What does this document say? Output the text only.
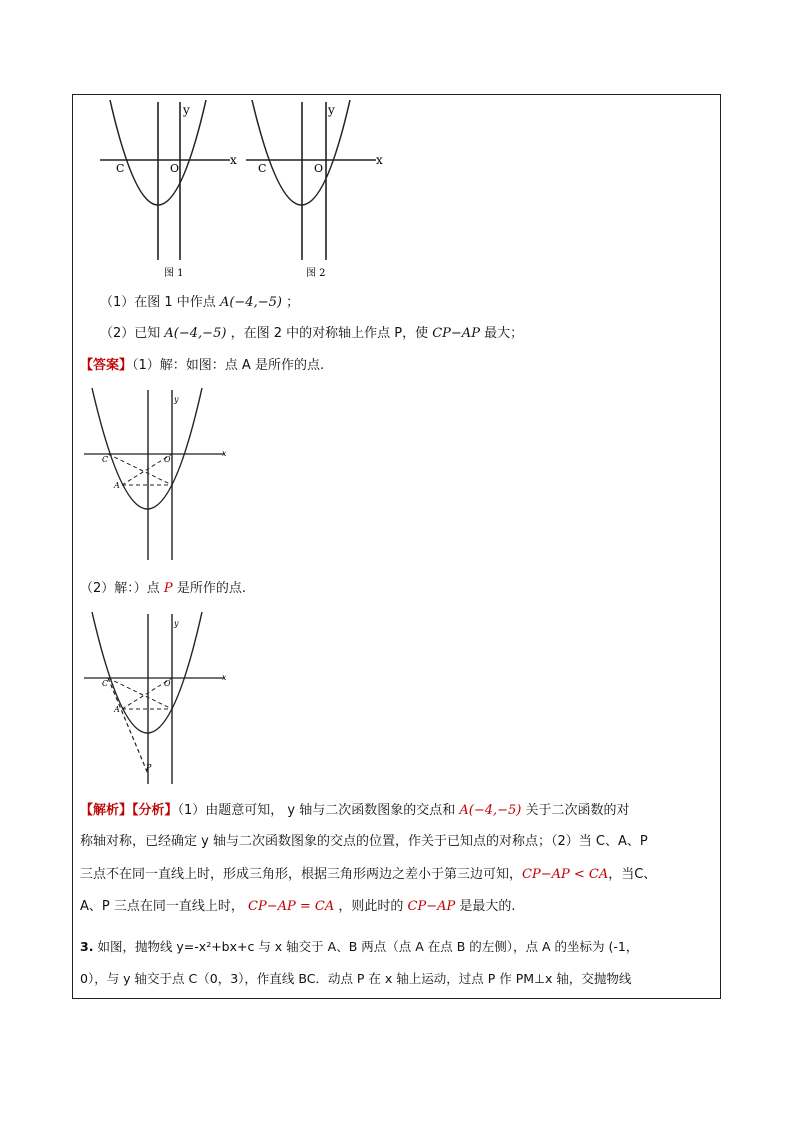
y
x
C	O
图 1
y
x
C	O
图 2
（1）在图 1 中作点 A(−4,−5) ；
（2）已知 A(−4,−5) ，在图 2 中的对称轴上作点 P，使 CP−AP 最大；
【答案】（1）解：如图：点 A 是所作的点.
y
x
C	O
A
（2）解：）点 P 是所作的点.
y
x
C	O
A
P
【解析】【分析】（1）由题意可知， y 轴与二次函数图象的交点和 A(−4,−5) 关于二次函数的对
称轴对称，已经确定 y 轴与二次函数图象的交点的位置，作关于已知点的对称点；（2）当 C、A、P
三点不在同一直线上时，形成三角形，根据三角形两边之差小于第三边可知，CP−AP < CA，当C、
A、P 三点在同一直线上时， CP−AP = CA ，则此时的 CP−AP 是最大的.
3. 如图，抛物线 y=-x²+bx+c 与 x 轴交于 A、B 两点（点 A 在点 B 的左侧），点 A 的坐标为 (-1，
0），与 y 轴交于点 C（0，3），作直线 BC．动点 P 在 x 轴上运动，过点 P 作 PM⊥x 轴，交抛物线
